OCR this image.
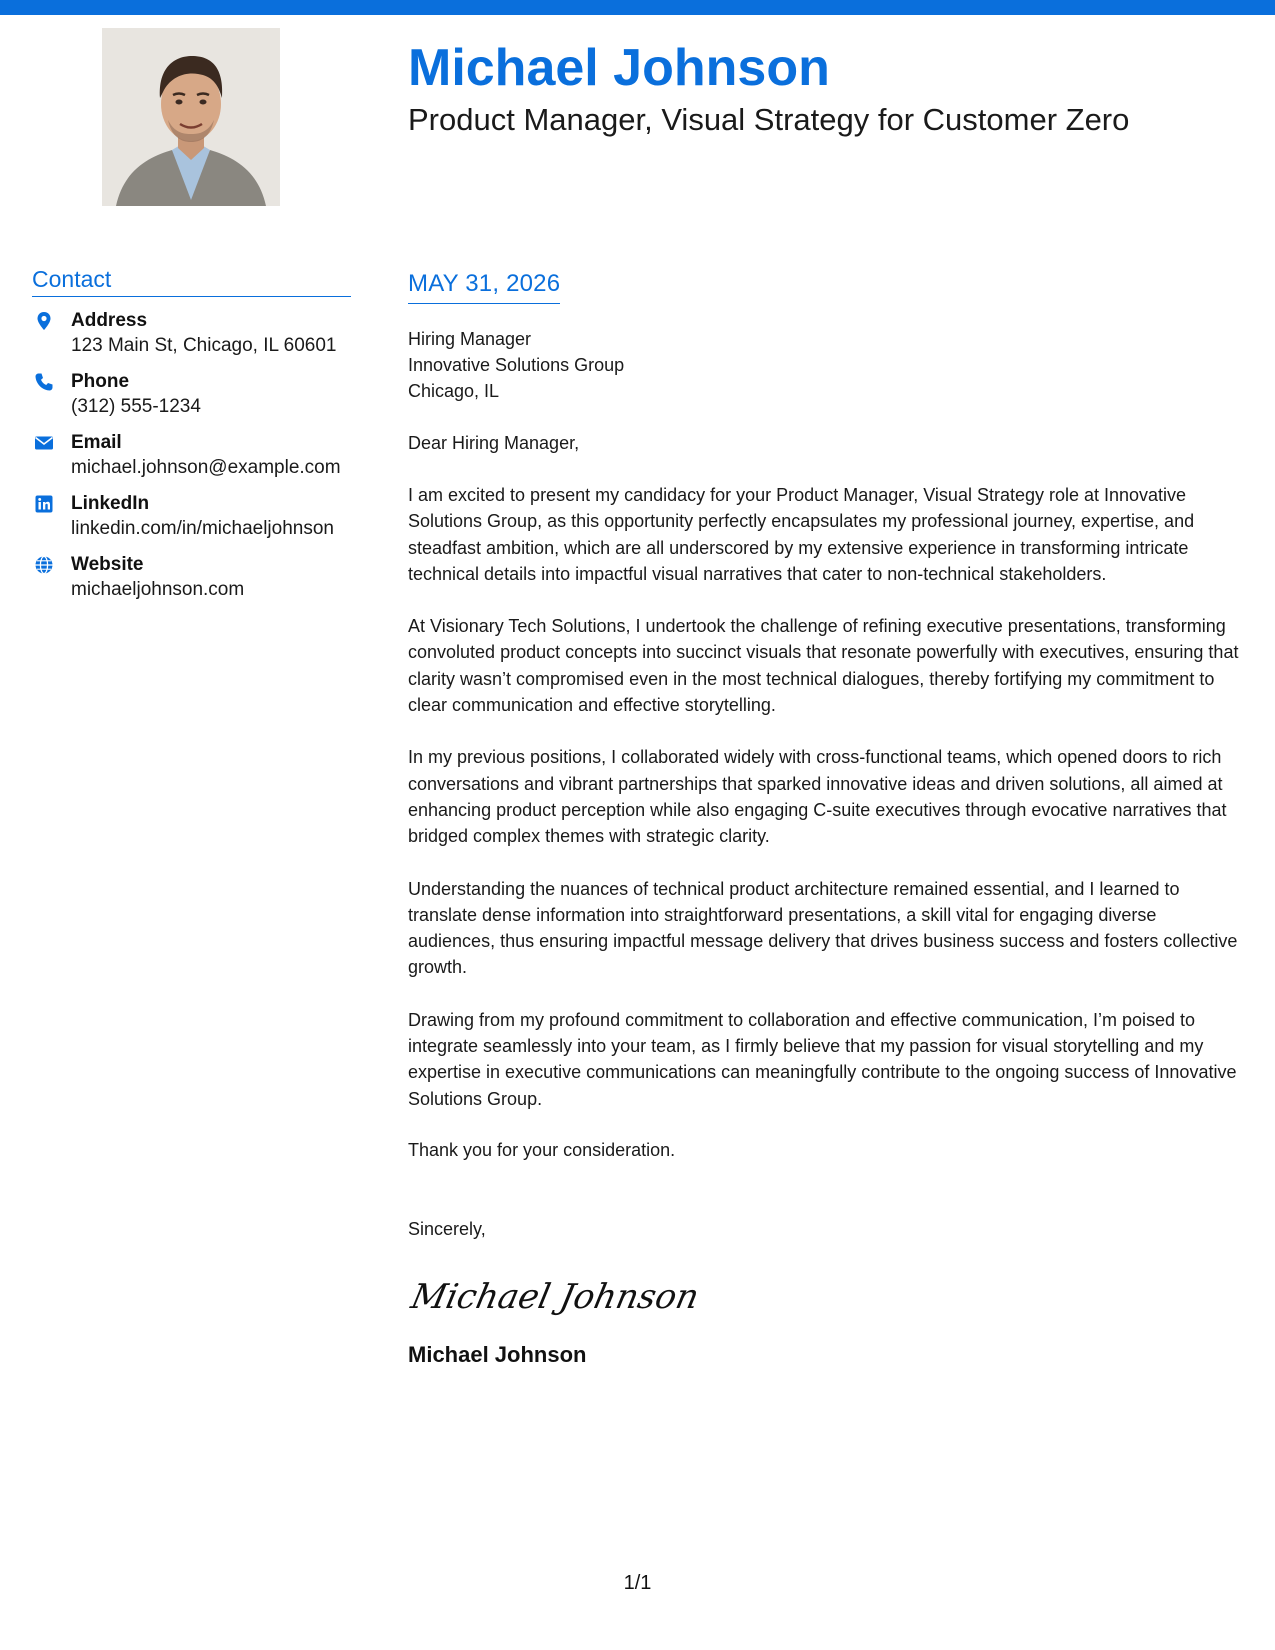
Michael Johnson
Product Manager, Visual Strategy for Customer Zero
Contact
Address
123 Main St, Chicago, IL 60601
Phone
(312) 555-1234
Email
michael.johnson@example.com
LinkedIn
linkedin.com/in/michaeljohnson
Website
michaeljohnson.com
MAY 31, 2026
Hiring Manager
Innovative Solutions Group
Chicago, IL
Dear Hiring Manager,

I am excited to present my candidacy for your Product Manager, Visual Strategy role at Innovative Solutions Group, as this opportunity perfectly encapsulates my professional journey, expertise, and steadfast ambition, which are all underscored by my extensive experience in transforming intricate technical details into impactful visual narratives that cater to non-technical stakeholders.

At Visionary Tech Solutions, I undertook the challenge of refining executive presentations, transforming convoluted product concepts into succinct visuals that resonate powerfully with executives, ensuring that clarity wasn’t compromised even in the most technical dialogues, thereby fortifying my commitment to clear communication and effective storytelling.

In my previous positions, I collaborated widely with cross-functional teams, which opened doors to rich conversations and vibrant partnerships that sparked innovative ideas and driven solutions, all aimed at enhancing product perception while also engaging C-suite executives through evocative narratives that bridged complex themes with strategic clarity.

Understanding the nuances of technical product architecture remained essential, and I learned to translate dense information into straightforward presentations, a skill vital for engaging diverse audiences, thus ensuring impactful message delivery that drives business success and fosters collective growth.

Drawing from my profound commitment to collaboration and effective communication, I’m poised to integrate seamlessly into your team, as I firmly believe that my passion for visual storytelling and my expertise in executive communications can meaningfully contribute to the ongoing success of Innovative Solutions Group.

Thank you for your consideration.
Sincerely,
Michael Johnson
Michael Johnson
1/1
